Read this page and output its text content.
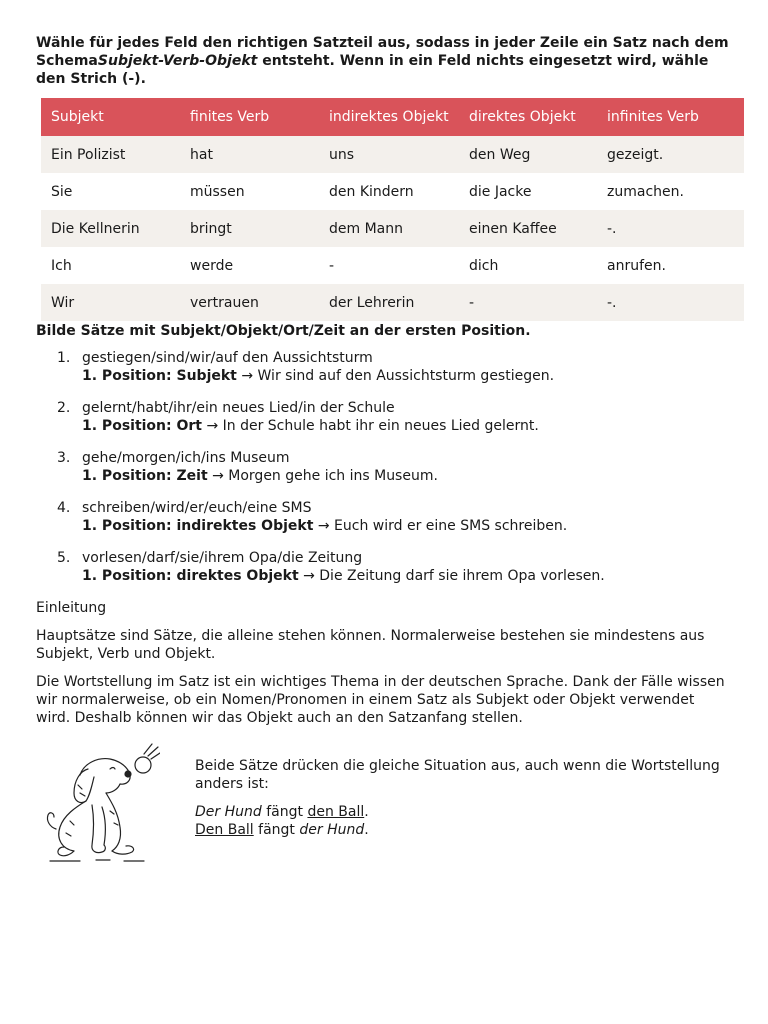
Wähle für jedes Feld den richtigen Satzteil aus, sodass in jeder Zeile ein Satz nach dem SchemaSubjekt-Verb-Objekt entsteht. Wenn in ein Feld nichts eingesetzt wird, wähle den Strich (-).

Subjekt	finites Verb	indirektes Objekt	direktes Objekt	infinites Verb
Ein Polizist	hat	uns	den Weg	gezeigt.
Sie	müssen	den Kindern	die Jacke	zumachen.
Die Kellnerin	bringt	dem Mann	einen Kaffee	-.
Ich	werde	-	dich	anrufen.
Wir	vertrauen	der Lehrerin	-	-.
Bilde Sätze mit Subjekt/Objekt/Ort/Zeit an der ersten Position.
1. gestiegen/sind/wir/auf den Aussichtsturm
1. Position: Subjekt → Wir sind auf den Aussichtsturm gestiegen.
2. gelernt/habt/ihr/ein neues Lied/in der Schule
1. Position: Ort → In der Schule habt ihr ein neues Lied gelernt.
3. gehe/morgen/ich/ins Museum
1. Position: Zeit → Morgen gehe ich ins Museum.
4. schreiben/wird/er/euch/eine SMS
1. Position: indirektes Objekt → Euch wird er eine SMS schreiben.
5. vorlesen/darf/sie/ihrem Opa/die Zeitung
1. Position: direktes Objekt → Die Zeitung darf sie ihrem Opa vorlesen.

Einleitung

Hauptsätze sind Sätze, die alleine stehen können. Normalerweise bestehen sie mindestens aus Subjekt, Verb und Objekt.

Die Wortstellung im Satz ist ein wichtiges Thema in der deutschen Sprache. Dank der Fälle wissen wir normalerweise, ob ein Nomen/Pronomen in einem Satz als Subjekt oder Objekt verwendet wird. Deshalb können wir das Objekt auch an den Satzanfang stellen.

Beide Sätze drücken die gleiche Situation aus, auch wenn die Wortstellung anders ist:

Der Hund fängt den Ball.
Den Ball fängt der Hund.
